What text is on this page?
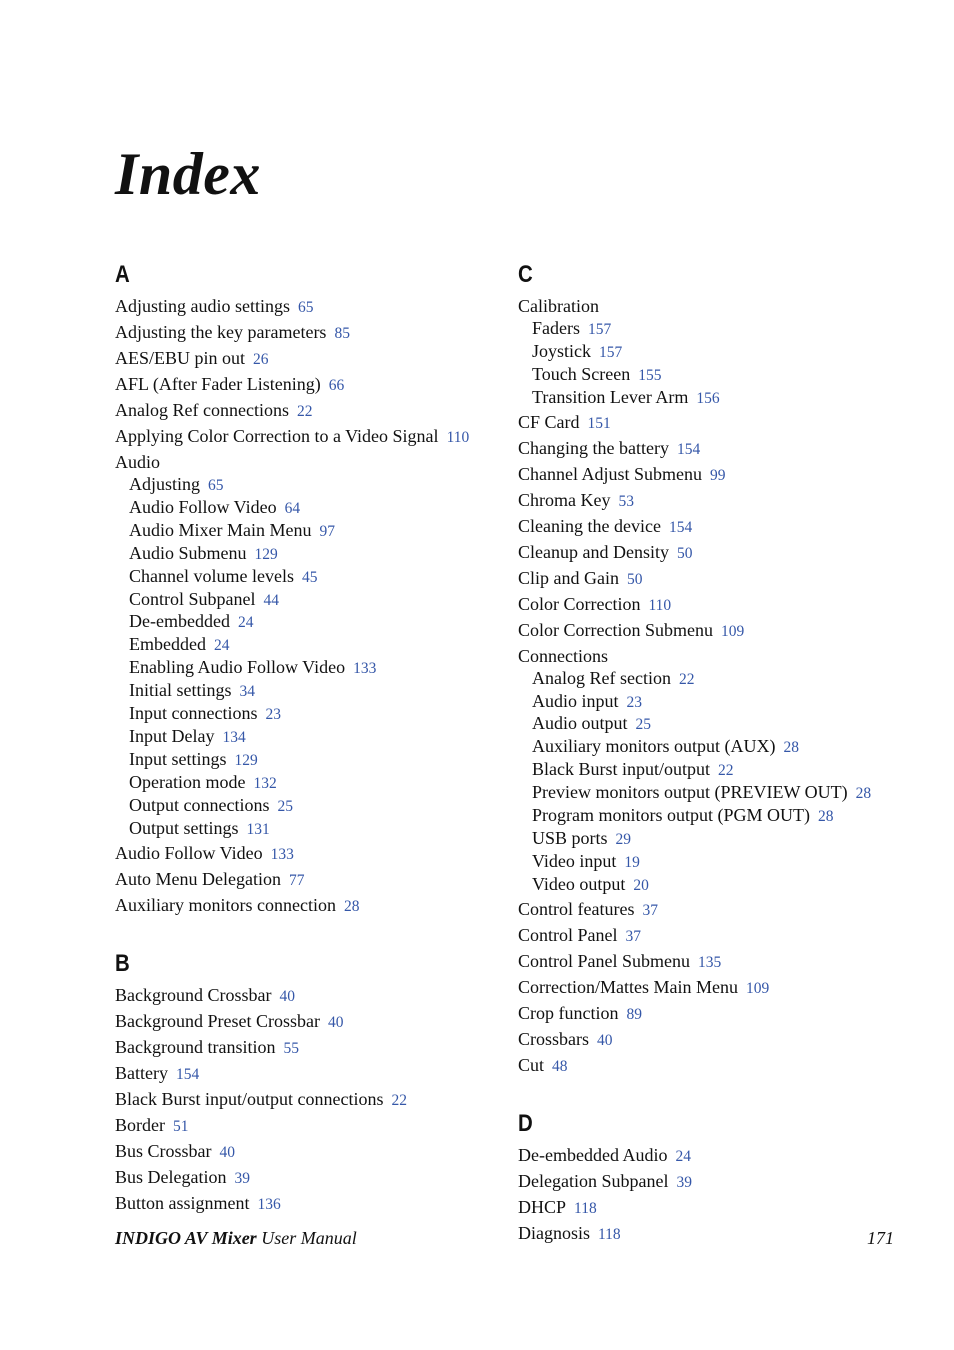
Index
A
Adjusting audio settings 65
Adjusting the key parameters 85
AES/EBU pin out 26
AFL (After Fader Listening) 66
Analog Ref connections 22
Applying Color Correction to a Video Signal 110
Audio
Adjusting 65
Audio Follow Video 64
Audio Mixer Main Menu 97
Audio Submenu 129
Channel volume levels 45
Control Subpanel 44
De-embedded 24
Embedded 24
Enabling Audio Follow Video 133
Initial settings 34
Input connections 23
Input Delay 134
Input settings 129
Operation mode 132
Output connections 25
Output settings 131
Audio Follow Video 133
Auto Menu Delegation 77
Auxiliary monitors connection 28
B
Background Crossbar 40
Background Preset Crossbar 40
Background transition 55
Battery 154
Black Burst input/output connections 22
Border 51
Bus Crossbar 40
Bus Delegation 39
Button assignment 136
C
Calibration
Faders 157
Joystick 157
Touch Screen 155
Transition Lever Arm 156
CF Card 151
Changing the battery 154
Channel Adjust Submenu 99
Chroma Key 53
Cleaning the device 154
Cleanup and Density 50
Clip and Gain 50
Color Correction 110
Color Correction Submenu 109
Connections
Analog Ref section 22
Audio input 23
Audio output 25
Auxiliary monitors output (AUX) 28
Black Burst input/output 22
Preview monitors output (PREVIEW OUT) 28
Program monitors output (PGM OUT) 28
USB ports 29
Video input 19
Video output 20
Control features 37
Control Panel 37
Control Panel Submenu 135
Correction/Mattes Main Menu 109
Crop function 89
Crossbars 40
Cut 48
D
De-embedded Audio 24
Delegation Subpanel 39
DHCP 118
Diagnosis 118
INDIGO AV Mixer User Manual	171
